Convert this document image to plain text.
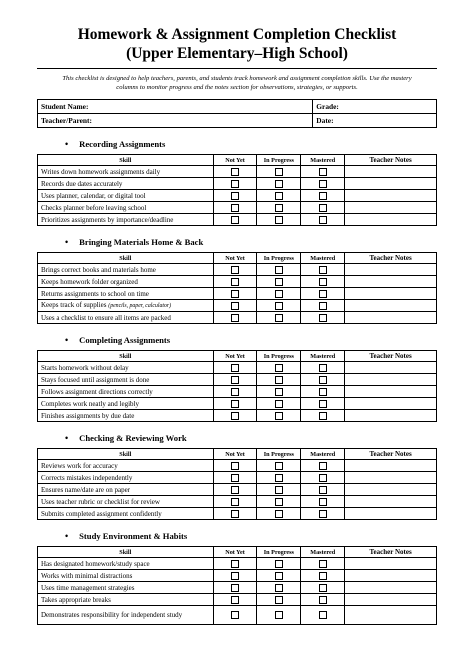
Homework & Assignment Completion Checklist
(Upper Elementary–High School)
This checklist is designed to help teachers, parents, and students track homework and assignment completion skills. Use the mastery columns to monitor progress and the notes section for observations, strategies, or supports.
Student Name:	Grade:
Teacher/Parent:	Date:
• Recording Assignments
Skill	Not Yet	In Progress	Mastered	Teacher Notes
Writes down homework assignments daily				
Records due dates accurately				
Uses planner, calendar, or digital tool				
Checks planner before leaving school				
Prioritizes assignments by importance/deadline				
• Bringing Materials Home & Back
Skill	Not Yet	In Progress	Mastered	Teacher Notes
Brings correct books and materials home				
Keeps homework folder organized				
Returns assignments to school on time				
Keeps track of supplies (pencils, paper, calculator)				
Uses a checklist to ensure all items are packed				
• Completing Assignments
Skill	Not Yet	In Progress	Mastered	Teacher Notes
Starts homework without delay				
Stays focused until assignment is done				
Follows assignment directions correctly				
Completes work neatly and legibly				
Finishes assignments by due date				
• Checking & Reviewing Work
Skill	Not Yet	In Progress	Mastered	Teacher Notes
Reviews work for accuracy				
Corrects mistakes independently				
Ensures name/date are on paper				
Uses teacher rubric or checklist for review				
Submits completed assignment confidently				
• Study Environment & Habits
Skill	Not Yet	In Progress	Mastered	Teacher Notes
Has designated homework/study space				
Works with minimal distractions				
Uses time management strategies				
Takes appropriate breaks				
Demonstrates responsibility for independent study				
